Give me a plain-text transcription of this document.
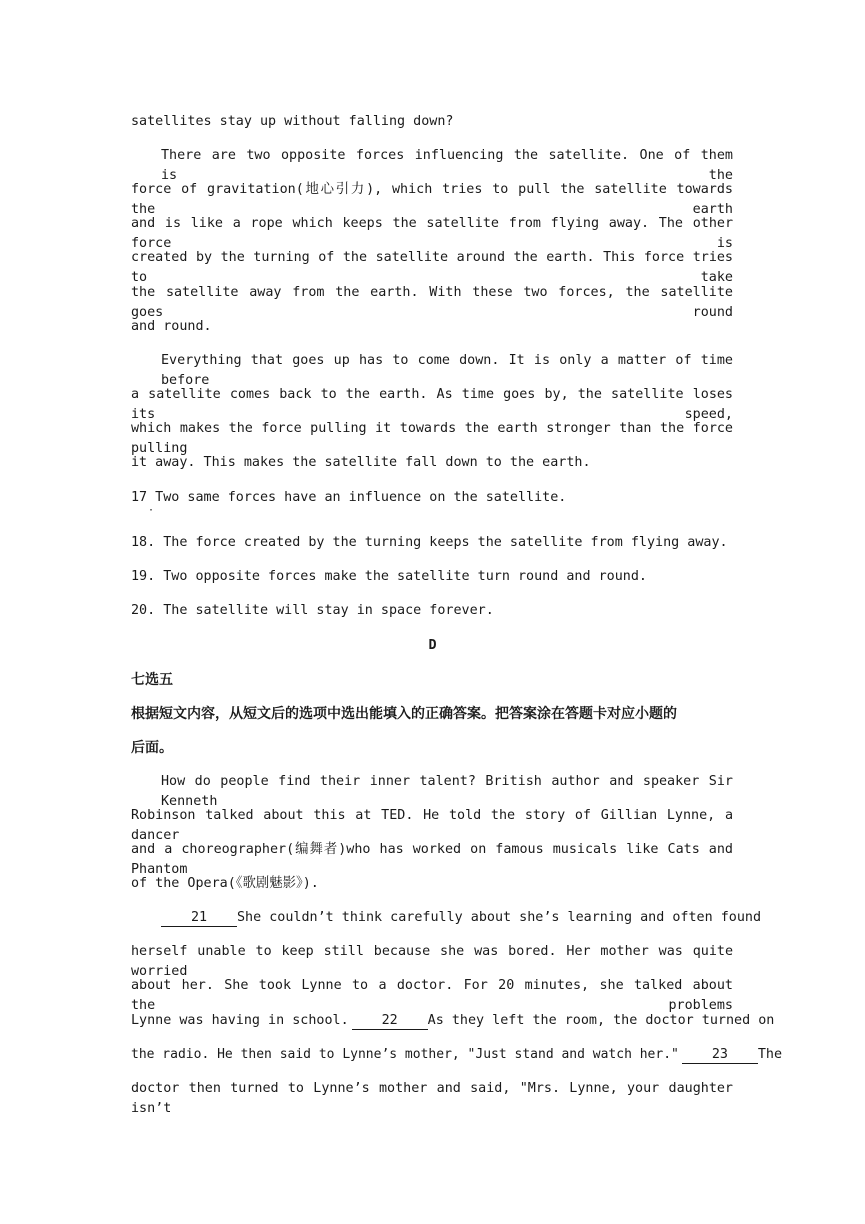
satellites stay up without falling down?
There are two opposite forces influencing the satellite. One of them is the
force of gravitation(地心引力), which tries to pull the satellite towards the earth
and is like a rope which keeps the satellite from flying away. The other force is
created by the turning of the satellite around the earth. This force tries to take
the satellite away from the earth. With these two forces, the satellite goes round
and round.
Everything that goes up has to come down. It is only a matter of time before
a satellite comes back to the earth. As time goes by, the satellite loses its speed,
which makes the force pulling it towards the earth stronger than the force pulling
it away. This makes the satellite fall down to the earth.
17 Two same forces have an influence on the satellite.
·
18. The force created by the turning keeps the satellite from flying away.
19. Two opposite forces make the satellite turn round and round.
20. The satellite will stay in space forever.
D
七选五
根据短文内容，从短文后的选项中选出能填入的正确答案。把答案涂在答题卡对应小题的
后面。
How do people find their inner talent? British author and speaker Sir Kenneth
Robinson talked about this at TED. He told the story of Gillian Lynne, a dancer
and a choreographer(编舞者)who has worked on famous musicals like Cats and Phantom
of the Opera(《歌剧魅影》).
21 She couldn’t think carefully about she’s learning and often found
herself unable to keep still because she was bored. Her mother was quite worried
about her. She took Lynne to a doctor. For 20 minutes, she talked about the problems
Lynne was having in school. 22 As they left the room, the doctor turned on
the radio. He then said to Lynne’s mother, "Just stand and watch her." 23 The
doctor then turned to Lynne’s mother and said, "Mrs. Lynne, your daughter isn’t
